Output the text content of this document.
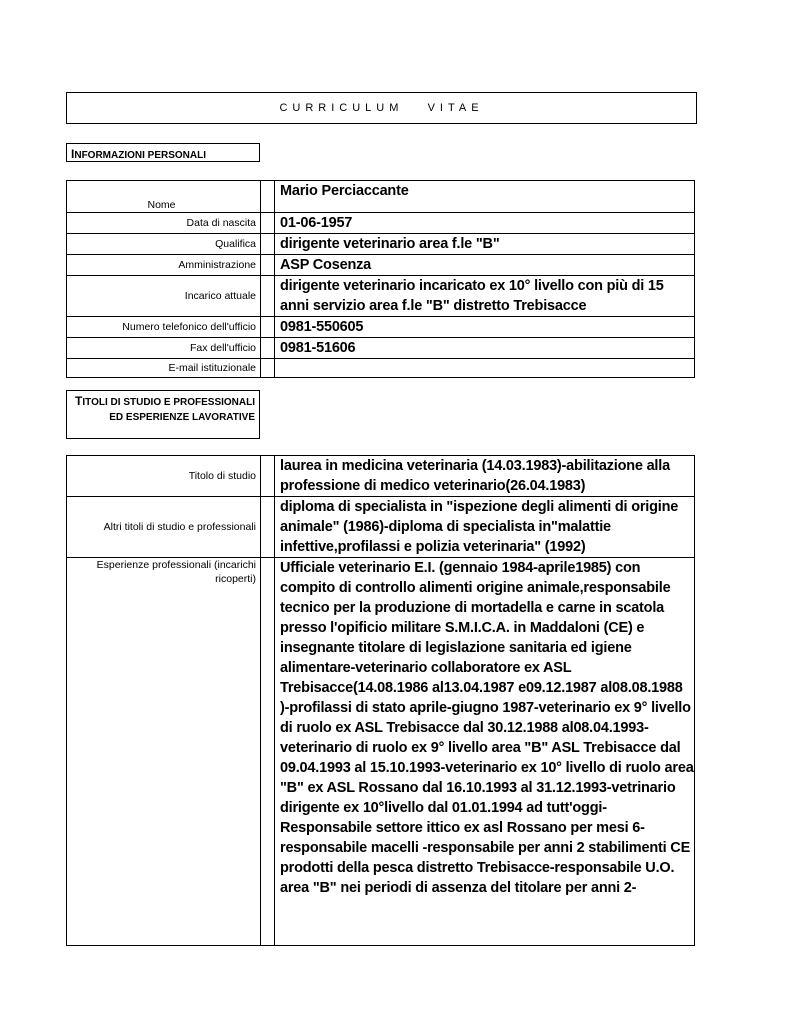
CURRICULUM   VITAE
INFORMAZIONI PERSONALI
Nome		Mario Perciaccante
Data di nascita		01-06-1957
Qualifica		dirigente veterinario area f.le "B"
Amministrazione		ASP Cosenza
Incarico attuale		dirigente veterinario incaricato ex 10° livello con più di 15 anni servizio area f.le "B" distretto Trebisacce
Numero telefonico dell'ufficio		0981-550605
Fax dell'ufficio		0981-51606
E-mail istituzionale		
TITOLI DI STUDIO E PROFESSIONALI ED ESPERIENZE LAVORATIVE
Titolo di studio		laurea in medicina veterinaria (14.03.1983)-abilitazione alla professione di medico veterinario(26.04.1983)
Altri titoli di studio e professionali		diploma di specialista in "ispezione degli alimenti di origine animale" (1986)-diploma di specialista in"malattie infettive,profilassi e polizia veterinaria" (1992)
Esperienze professionali (incarichi ricoperti)		Ufficiale veterinario E.I. (gennaio 1984-aprile1985) con compito di controllo alimenti origine animale,responsabile tecnico per la produzione di mortadella e carne in scatola presso l'opificio militare S.M.I.C.A. in Maddaloni (CE) e insegnante titolare di legislazione sanitaria ed igiene alimentare-veterinario collaboratore ex ASL Trebisacce(14.08.1986 al13.04.1987 e09.12.1987 al08.08.1988 )-profilassi di stato aprile-giugno 1987-veterinario ex 9° livello di ruolo ex ASL Trebisacce dal 30.12.1988 al08.04.1993-veterinario di ruolo ex 9° livello area "B" ASL Trebisacce dal 09.04.1993 al 15.10.1993-veterinario ex 10° livello di ruolo area "B" ex ASL Rossano dal 16.10.1993 al 31.12.1993-vetrinario dirigente ex 10°livello dal 01.01.1994 ad tutt'oggi-
Responsabile settore ittico ex asl Rossano per mesi 6-responsabile macelli -responsabile per anni 2 stabilimenti CE prodotti della pesca distretto Trebisacce-responsabile U.O. area "B" nei periodi di assenza del titolare per anni 2-
